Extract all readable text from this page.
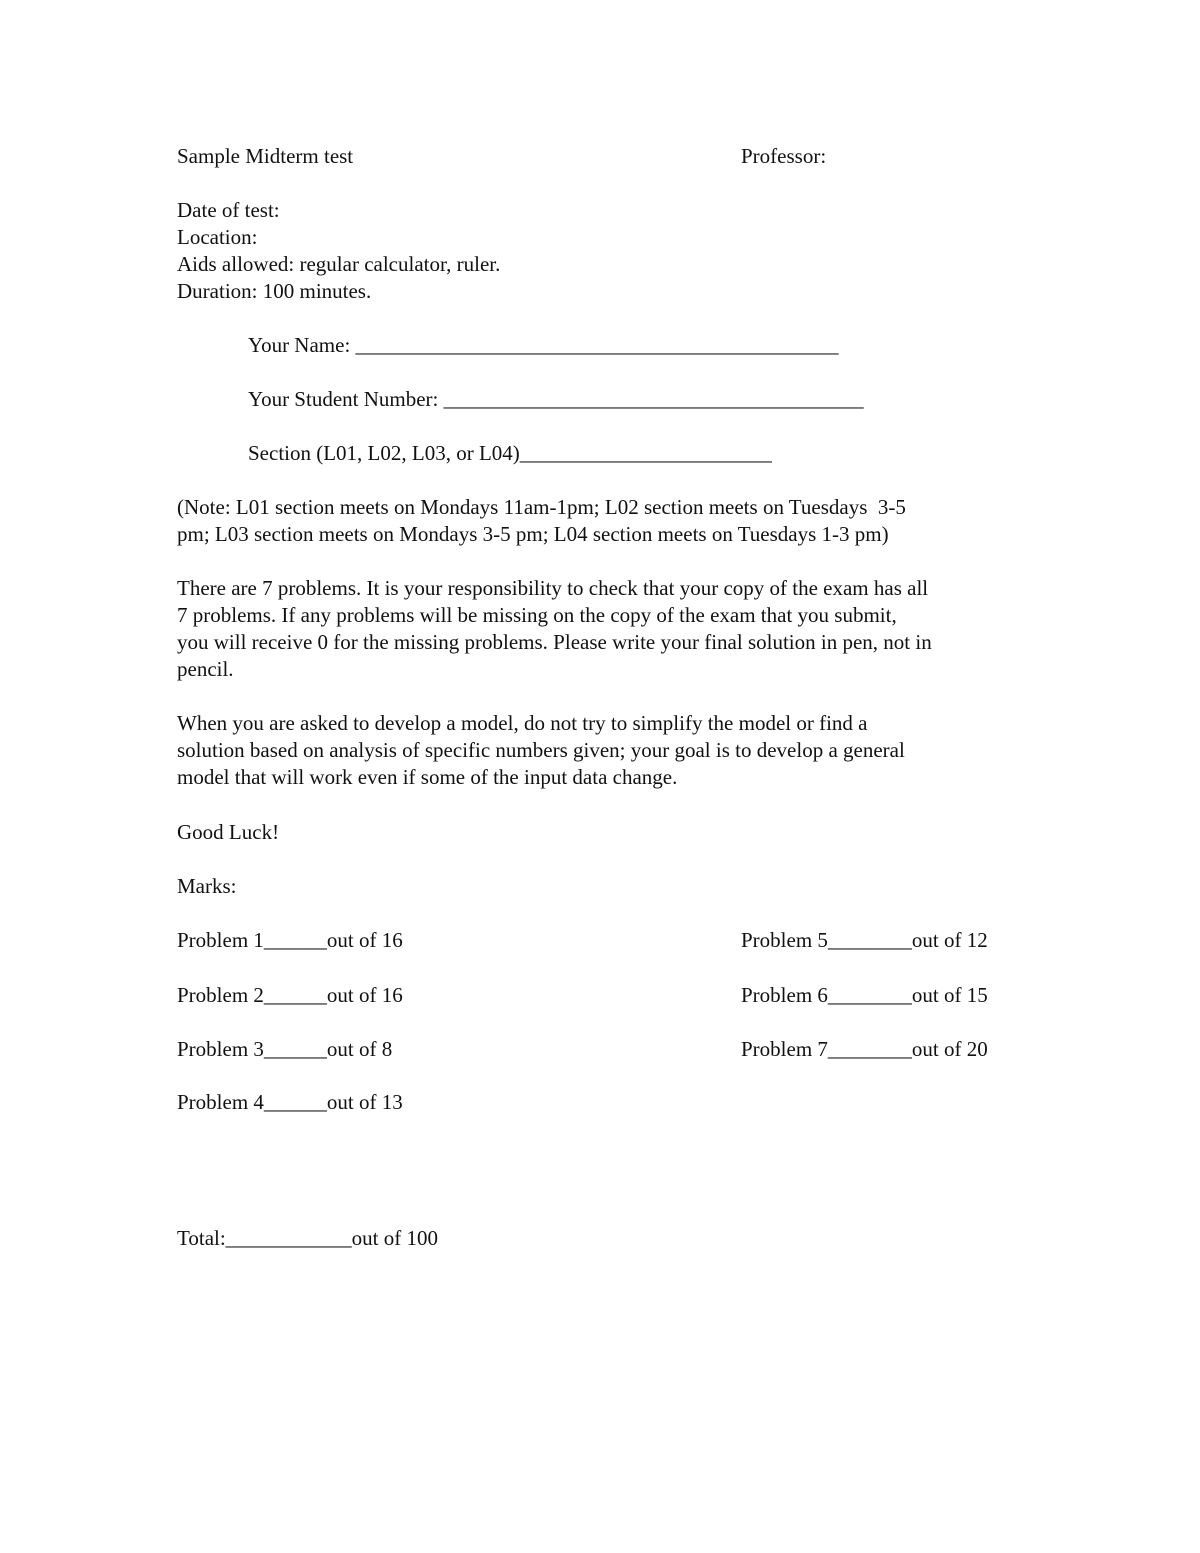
Sample Midterm test	Professor:
Date of test:
Location:
Aids allowed: regular calculator, ruler.
Duration: 100 minutes.
Your Name: ______________________________________________
Your Student Number: ________________________________________
Section (L01, L02, L03, or L04)________________________
(Note: L01 section meets on Mondays 11am-1pm; L02 section meets on Tuesdays  3-5
pm; L03 section meets on Mondays 3-5 pm; L04 section meets on Tuesdays 1-3 pm)
There are 7 problems. It is your responsibility to check that your copy of the exam has all
7 problems. If any problems will be missing on the copy of the exam that you submit,
you will receive 0 for the missing problems. Please write your final solution in pen, not in
pencil.
When you are asked to develop a model, do not try to simplify the model or find a
solution based on analysis of specific numbers given; your goal is to develop a general
model that will work even if some of the input data change.
Good Luck!
Marks:
Problem 1______out of 16	Problem 5________out of 12
Problem 2______out of 16	Problem 6________out of 15
Problem 3______out of 8	Problem 7________out of 20
Problem 4______out of 13
Total:____________out of 100
